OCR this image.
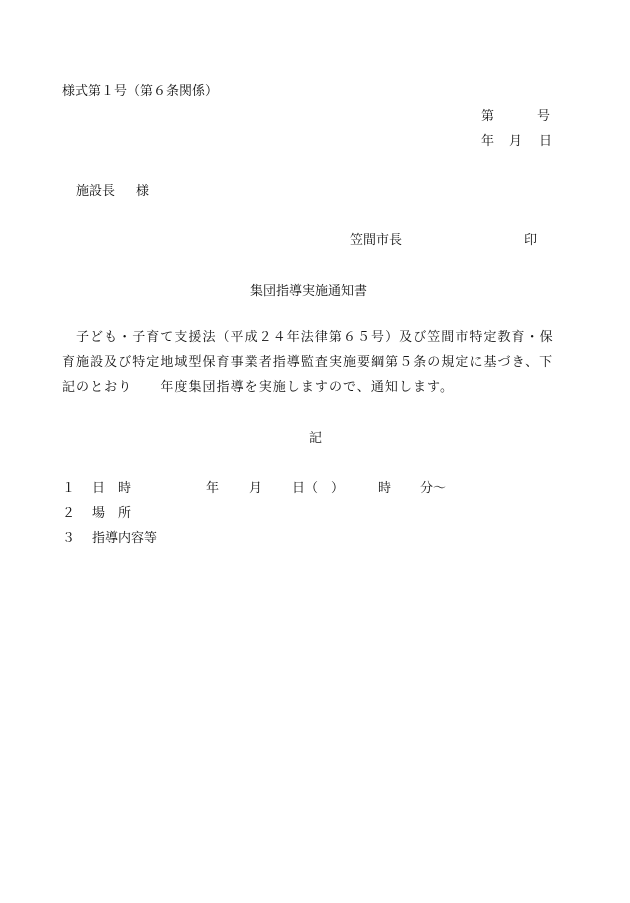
様式第１号（第６条関係）
第	号
年 月 日
施設長 様
笠間市長	印
集団指導実施通知書
子ども・子育て支援法（平成２４年法律第６５号）及び笠間市特定教育・保
育施設及び特定地域型保育事業者指導監査実施要綱第５条の規定に基づき、下
記のとおり　　年度集団指導を実施しますので、通知します。
記
１ 日　時	年 月 日（ ）	時 分～
２ 場　所
３ 指導内容等
